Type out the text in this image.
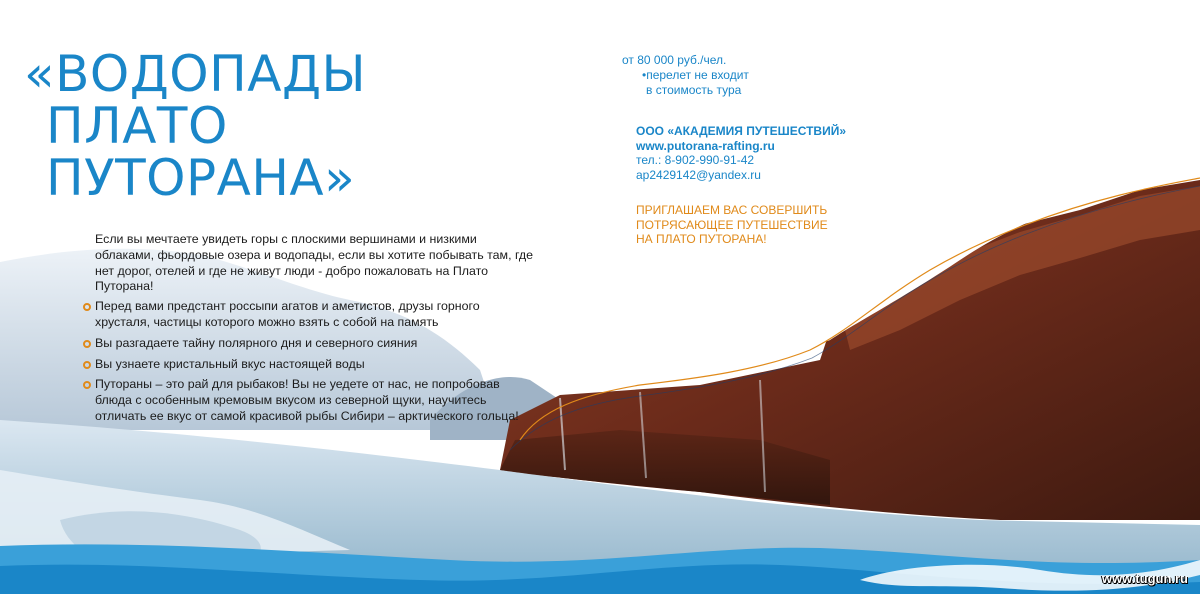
«ВОДОПАДЫ
ПЛАТО
ПУТОРАНА»

Если вы мечтаете увидеть горы с плоскими вершинами и низкими облаками, фьордовые озера и водопады, если вы хотите побывать там, где нет дорог, отелей и где не живут люди - добро пожаловать на Плато Путорана!

Перед вами предстант россыпи агатов и аметистов, друзы горного хрусталя, частицы которого можно взять с собой на память
Вы разгадаете тайну полярного дня и северного сияния
Вы узнаете кристальный вкус настоящей воды
Путораны – это рай для рыбаков! Вы не уедете от нас, не попробовав блюда с особенным кремовым вкусом из северной щуки, научитесь отличать ее вкус от самой красивой рыбы Сибири – арктического гольца!
от 80 000 руб./чел.
•перелет не входит
в стоимость тура
ООО «АКАДЕМИЯ ПУТЕШЕСТВИЙ»
www.putorana-rafting.ru
тел.: 8-902-990-91-42
ap2429142@yandex.ru
ПРИГЛАШАЕМ ВАС СОВЕРШИТЬ
ПОТРЯСАЮЩЕЕ ПУТЕШЕСТВИЕ
НА ПЛАТО ПУТОРАНА!
www.tugun.ru
